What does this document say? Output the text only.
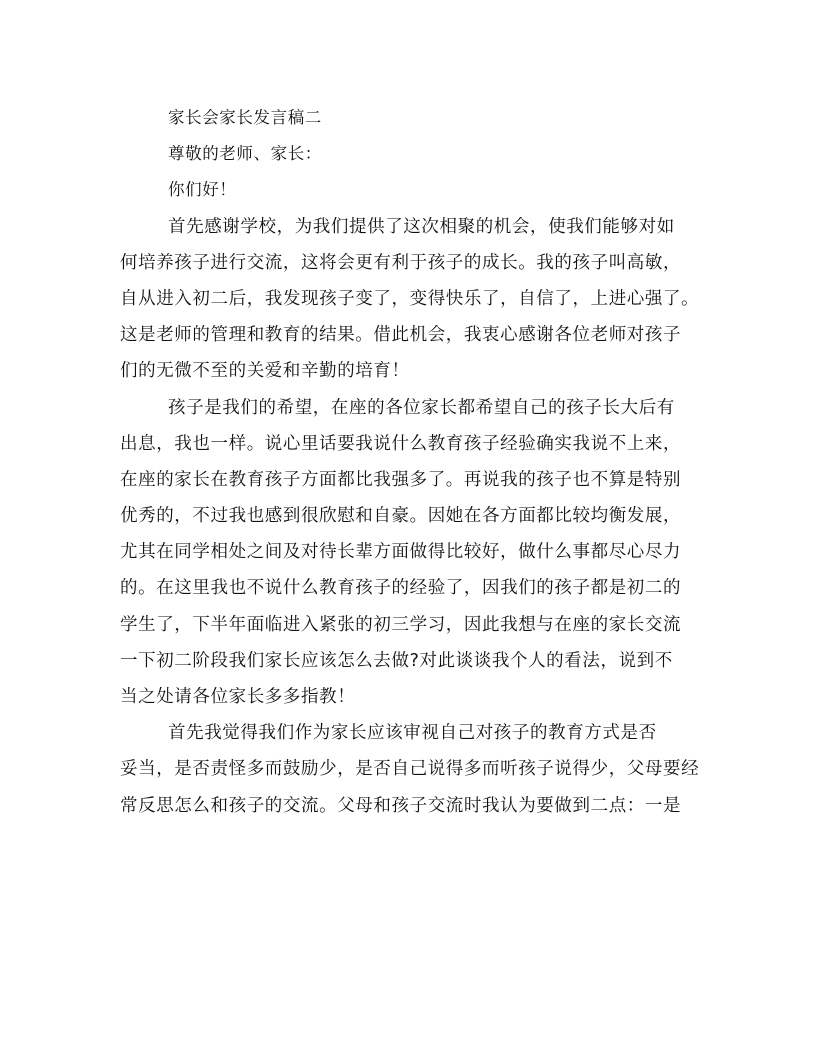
家长会家长发言稿二

尊敬的老师、家长：

你们好！

首先感谢学校，为我们提供了这次相聚的机会，使我们能够对如

何培养孩子进行交流，这将会更有利于孩子的成长。我的孩子叫高敏，

自从进入初二后，我发现孩子变了，变得快乐了，自信了，上进心强了。

这是老师的管理和教育的结果。借此机会，我衷心感谢各位老师对孩子

们的无微不至的关爱和辛勤的培育！

孩子是我们的希望，在座的各位家长都希望自己的孩子长大后有

出息，我也一样。说心里话要我说什么教育孩子经验确实我说不上来，

在座的家长在教育孩子方面都比我强多了。再说我的孩子也不算是特别

优秀的，不过我也感到很欣慰和自豪。因她在各方面都比较均衡发展，

尤其在同学相处之间及对待长辈方面做得比较好，做什么事都尽心尽力

的。在这里我也不说什么教育孩子的经验了，因我们的孩子都是初二的

学生了，下半年面临进入紧张的初三学习，因此我想与在座的家长交流

一下初二阶段我们家长应该怎么去做?对此谈谈我个人的看法，说到不

当之处请各位家长多多指教！

首先我觉得我们作为家长应该审视自己对孩子的教育方式是否

妥当，是否责怪多而鼓励少，是否自己说得多而听孩子说得少，父母要经

常反思怎么和孩子的交流。父母和孩子交流时我认为要做到二点：一是
